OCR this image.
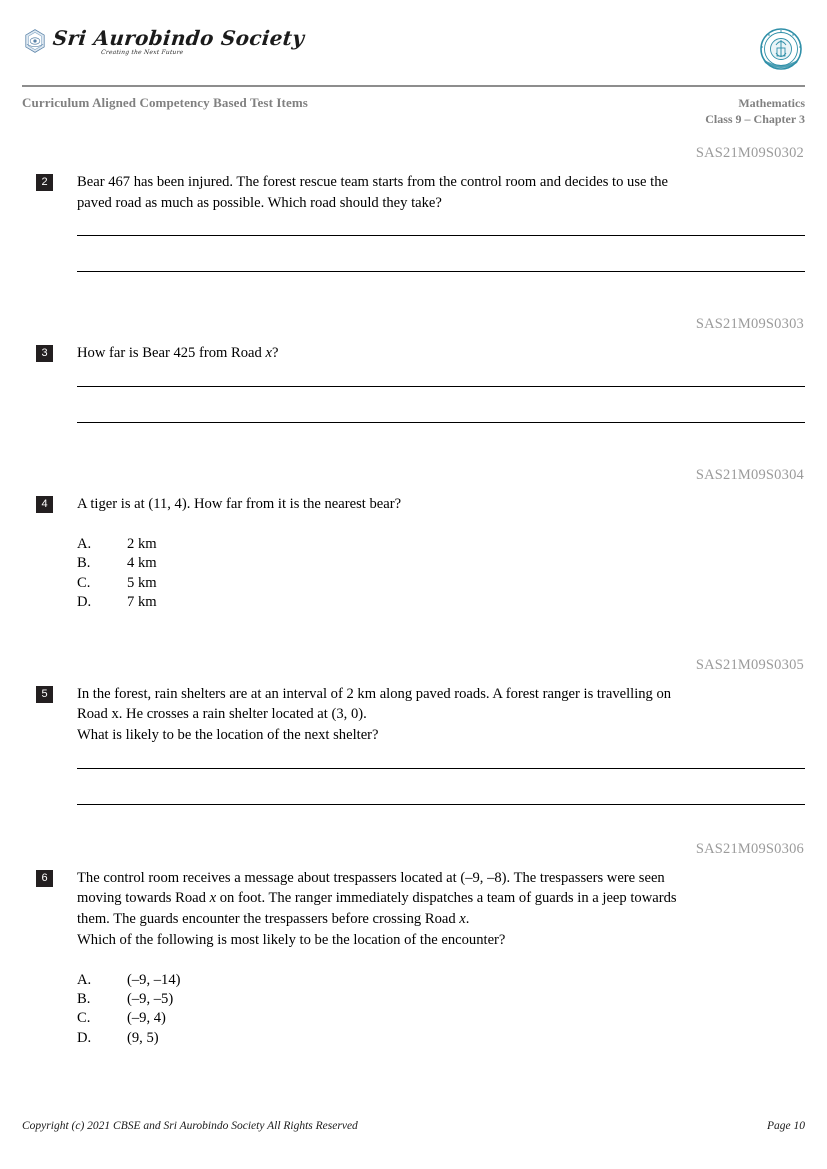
Sri Aurobindo Society
Creating the Next Future
Curriculum Aligned Competency Based Test Items	Mathematics
Class 9 – Chapter 3
SAS21M09S0302
2	Bear 467 has been injured. The forest rescue team starts from the control room and decides to use the
paved road as much as possible. Which road should they take?
SAS21M09S0303
3	How far is Bear 425 from Road x?
SAS21M09S0304
4	A tiger is at (11, 4). How far from it is the nearest bear?
A.	2 km
B.	4 km
C.	5 km
D.	7 km
SAS21M09S0305
5	In the forest, rain shelters are at an interval of 2 km along paved roads. A forest ranger is travelling on
Road x. He crosses a rain shelter located at (3, 0).
What is likely to be the location of the next shelter?
SAS21M09S0306
6	The control room receives a message about trespassers located at (–9, –8). The trespassers were seen
moving towards Road x on foot. The ranger immediately dispatches a team of guards in a jeep towards
them. The guards encounter the trespassers before crossing Road x.
Which of the following is most likely to be the location of the encounter?
A.	(–9, –14)
B.	(–9, –5)
C.	(–9, 4)
D.	(9, 5)
Copyright (c) 2021 CBSE and Sri Aurobindo Society All Rights Reserved	Page 10
